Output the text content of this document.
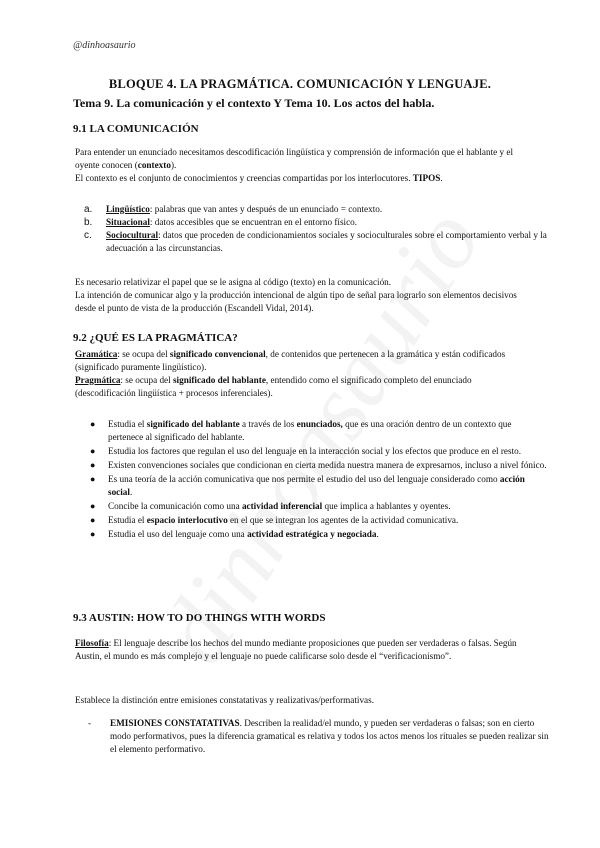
@dinhoasaurio
BLOQUE 4. LA PRAGMÁTICA. COMUNICACIÓN Y LENGUAJE.
Tema 9. La comunicación y el contexto Y Tema 10. Los actos del habla.
9.1 LA COMUNICACIÓN
Para entender un enunciado necesitamos descodificación lingüística y comprensión de información que el hablante y el oyente conocen (contexto).
El contexto es el conjunto de conocimientos y creencias compartidas por los interlocutores. TIPOS.
a. Lingüístico: palabras que van antes y después de un enunciado = contexto.
b. Situacional: datos accesibles que se encuentran en el entorno físico.
c. Sociocultural: datos que proceden de condicionamientos sociales y socioculturales sobre el comportamiento verbal y la adecuación a las circunstancias.
Es necesario relativizar el papel que se le asigna al código (texto) en la comunicación.
La intención de comunicar algo y la producción intencional de algún tipo de señal para lograrlo son elementos decisivos desde el punto de vista de la producción (Escandell Vidal, 2014).
9.2 ¿QUÉ ES LA PRAGMÁTICA?
Gramática: se ocupa del significado convencional, de contenidos que pertenecen a la gramática y están codificados (significado puramente lingüístico).
Pragmática: se ocupa del significado del hablante, entendido como el significado completo del enunciado (descodificación lingüística + procesos inferenciales).
● Estudia el significado del hablante a través de los enunciados, que es una oración dentro de un contexto que pertenece al significado del hablante.
● Estudia los factores que regulan el uso del lenguaje en la interacción social y los efectos que produce en el resto.
● Existen convenciones sociales que condicionan en cierta medida nuestra manera de expresarnos, incluso a nivel fónico.
● Es una teoría de la acción comunicativa que nos permite el estudio del uso del lenguaje considerado como acción social.
● Concibe la comunicación como una actividad inferencial que implica a hablantes y oyentes.
● Estudia el espacio interlocutivo en el que se integran los agentes de la actividad comunicativa.
● Estudia el uso del lenguaje como una actividad estratégica y negociada.
9.3 AUSTIN: HOW TO DO THINGS WITH WORDS
Filosofía: El lenguaje describe los hechos del mundo mediante proposiciones que pueden ser verdaderas o falsas. Según Austin, el mundo es más complejo y el lenguaje no puede calificarse solo desde el “verificacionismo”.
Establece la distinción entre emisiones constatativas y realizativas/performativas.
- EMISIONES CONSTATATIVAS. Describen la realidad/el mundo, y pueden ser verdaderas o falsas; son en cierto modo performativos, pues la diferencia gramatical es relativa y todos los actos menos los rituales se pueden realizar sin el elemento performativo.
